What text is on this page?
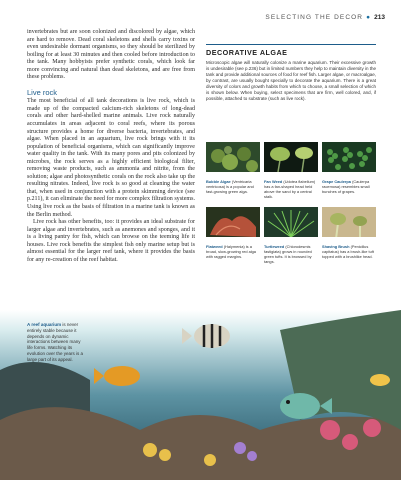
SELECTING THE DECOR ● 213

invertebrates but are soon colonized and discolored by algae, which are hard to remove. Dead coral skeletons and shells carry toxins or even undesirable dormant organisms, so they should be sterilized by boiling for at least 30 minutes and then cooled before introduction to the tank. Many hobbyists prefer synthetic corals, which look far more convincing and natural than dead skeletons, and are free from these problems.

Live rock

The most beneficial of all tank decorations is live rock, which is made up of the compacted calcium-rich skeletons of long-dead corals and other hard-shelled marine animals. Live rock naturally accumulates in areas adjacent to coral reefs, where its porous structure provides a home for diverse bacteria, invertebrates, and algae. When placed in an aquarium, live rock brings with it its population of beneficial organisms, which can significantly improve water quality in the tank. With its many pores and pits colonized by microbes, the rock serves as a highly efficient biological filter, removing waste products, such as ammonia and nitrite, from the solution; algae and photosynthetic corals on the rock also take up the resulting nitrates. Indeed, live rock is so good at cleaning the water that, when used in conjunction with a protein skimming device (see p.211), it can eliminate the need for more complex filtration systems. Using live rock as the basis of filtration in a marine tank is known as the Berlin method.

Live rock has other benefits, too: it provides an ideal substrate for larger algae and invertebrates, such as anemones and sponges, and it is a living pantry for fish, which can browse on the teeming life it houses. Live rock benefits the simplest fish only marine setup but is almost essential for the larger reef tank, where it provides the basis for any re-creation of the reef habitat.

DECORATIVE ALGAE

Microscopic algae will naturally colonize a marine aquarium. Their excessive growth is undesirable (see p.236) but in limited numbers they help to maintain diversity in the tank and provide additional sources of food for reef fish. Larger algae, or macroalgae, by contrast, are usually bought specially to decorate the aquarium. There is a great diversity of colors and growth habits from which to choose, a small selection of which is shown below. When buying, select specimens that are firm, well colored, and, if possible, attached to substrate (such as live rock).

Bubble Algae (Ventricaria ventricosa) is a popular and fast-growing green alga.
Fan Weed (Udotea flabellum) has a fan-shaped head held above the sand by a central stalk.
Grape Caulerpa (Caulerpa racemosa) resembles small bunches of grapes.
Flatweed (Halymenia) is a broad, slow-growing red alga with ragged margins.
Turtleweed (Chlorodesmis fastigiata) grows in rounded green tufts. It is browsed by tangs.
Shaving Brush (Penicillus capitatus) has a brush-like tuft topped with a brushlike head.
A reef aquarium is never entirely stable because it depends on dynamic interactions between many life forms. Watching its evolution over the years is a large part of its appeal.
